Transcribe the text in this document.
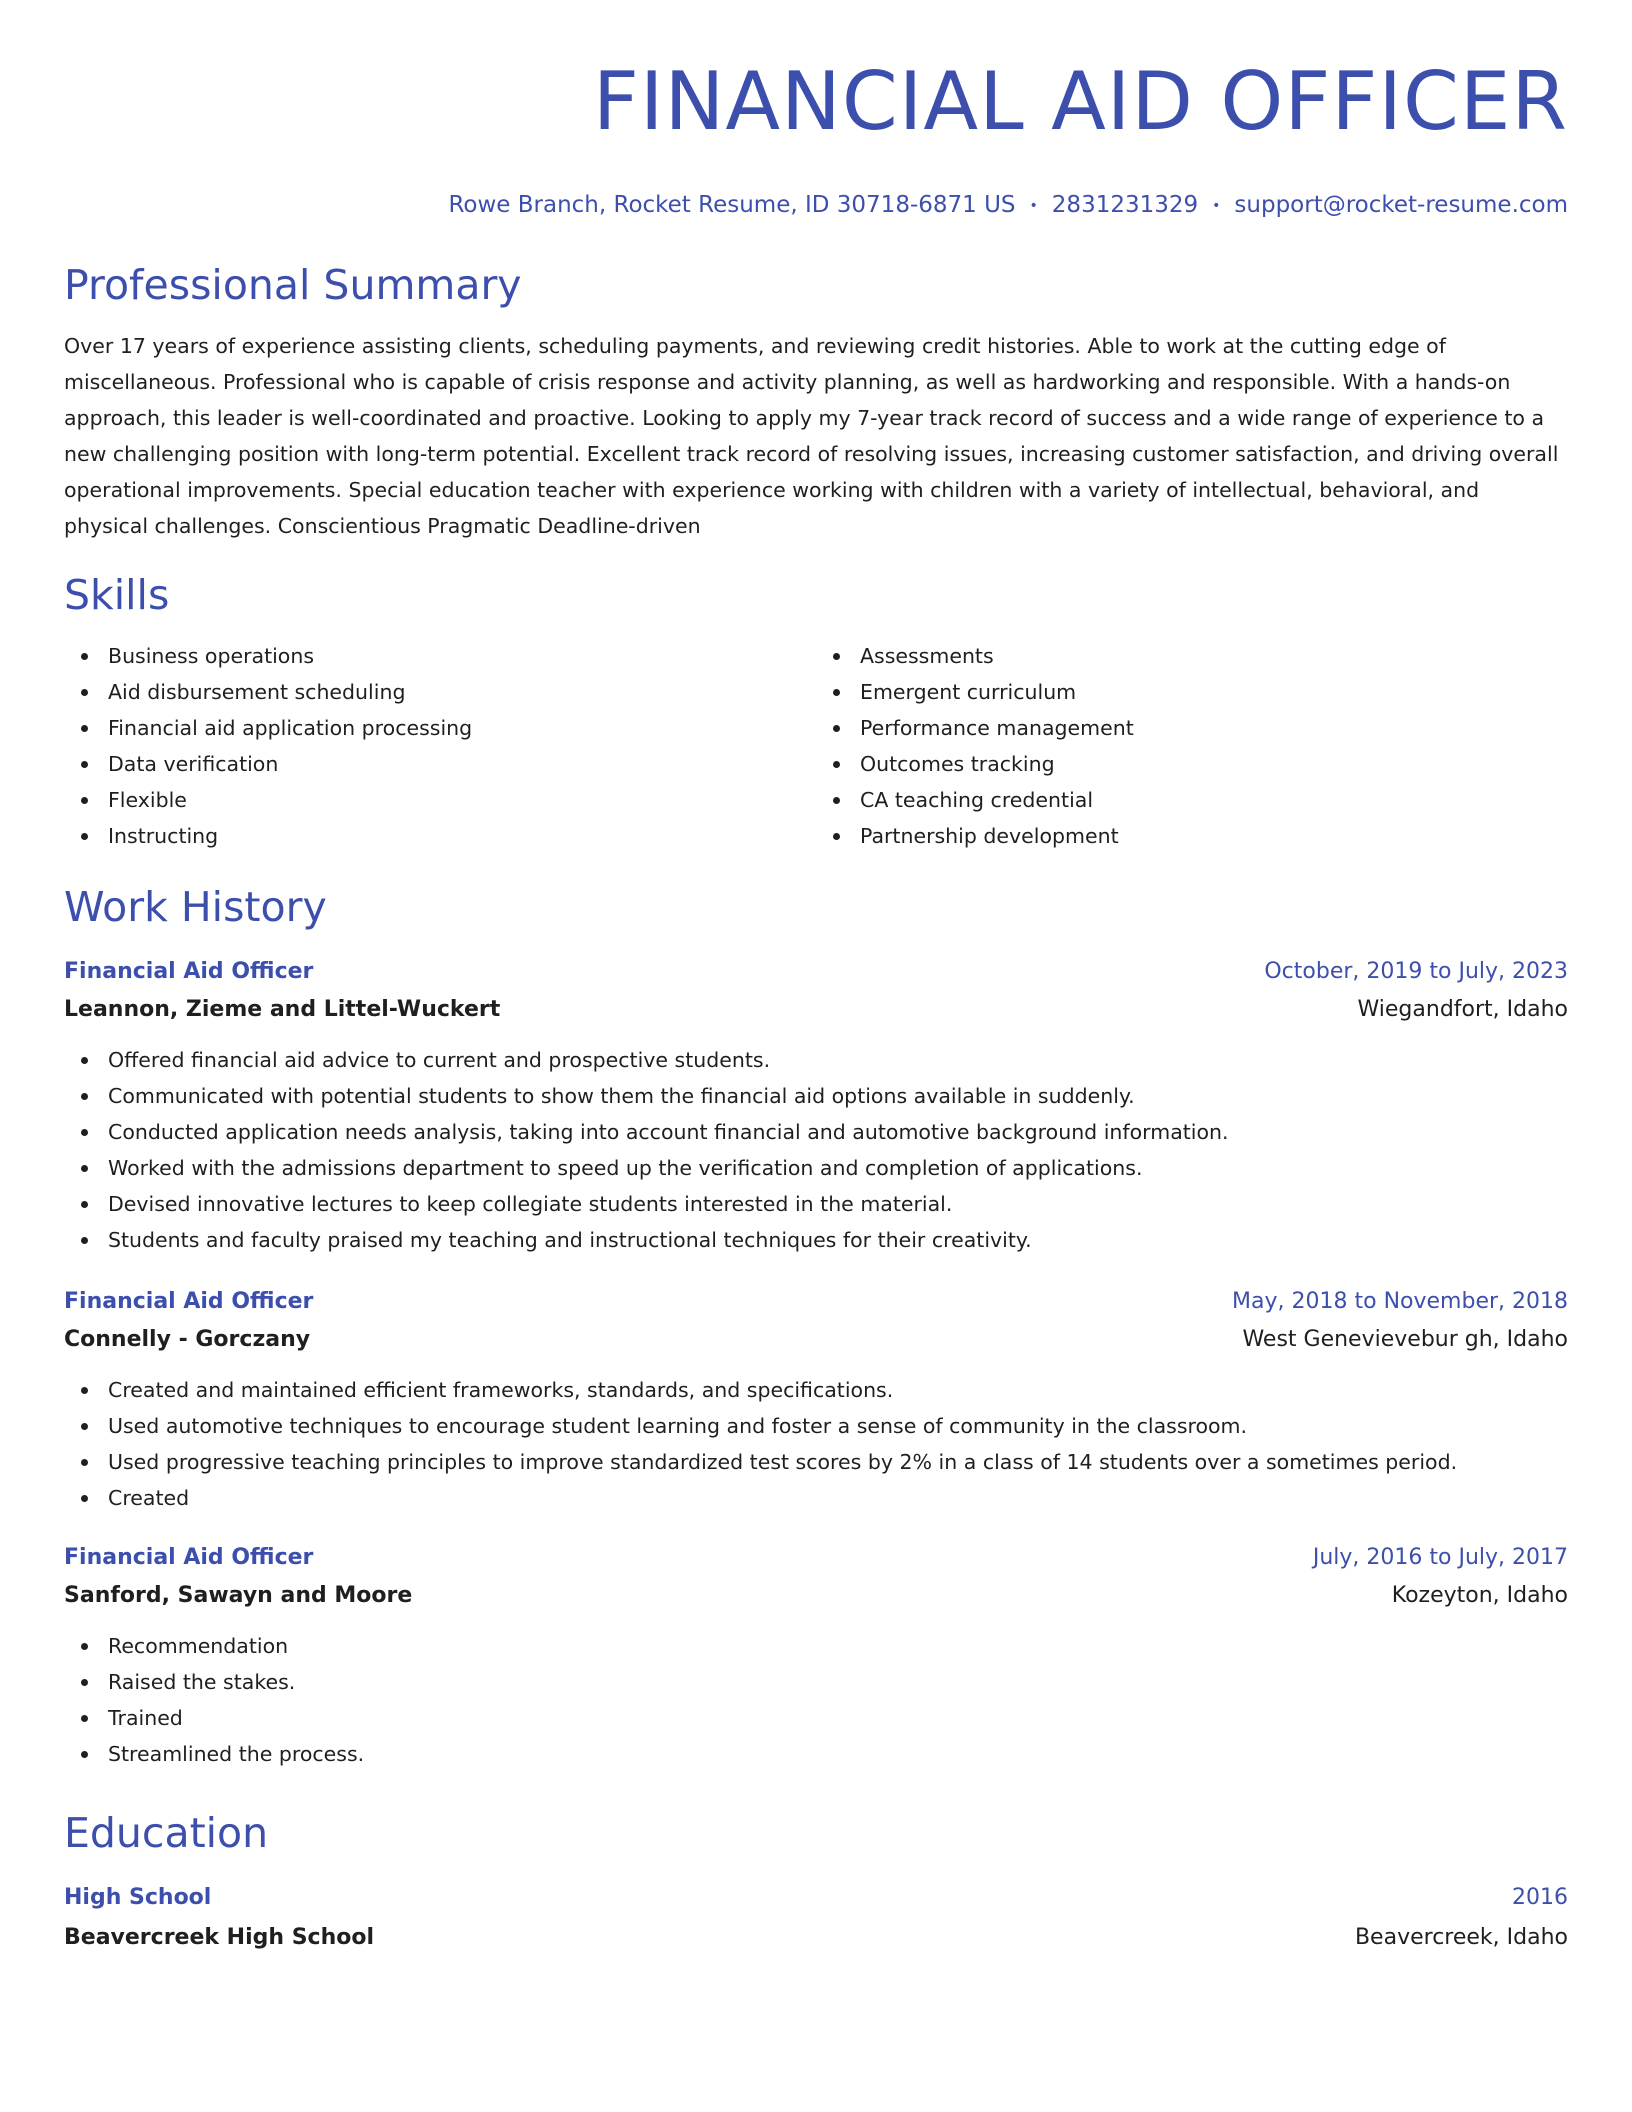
FINANCIAL AID OFFICER
Rowe Branch, Rocket Resume, ID 30718-6871 US • 2831231329 • support@rocket-resume.com
Professional Summary
Over 17 years of experience assisting clients, scheduling payments, and reviewing credit histories. Able to work at the cutting edge of miscellaneous. Professional who is capable of crisis response and activity planning, as well as hardworking and responsible. With a hands-on approach, this leader is well-coordinated and proactive. Looking to apply my 7-year track record of success and a wide range of experience to a new challenging position with long-term potential. Excellent track record of resolving issues, increasing customer satisfaction, and driving overall operational improvements. Special education teacher with experience working with children with a variety of intellectual, behavioral, and physical challenges. Conscientious Pragmatic Deadline-driven
Skills
Business operations
Aid disbursement scheduling
Financial aid application processing
Data verification
Flexible
Instructing
Assessments
Emergent curriculum
Performance management
Outcomes tracking
CA teaching credential
Partnership development
Work History
Financial Aid Officer	October, 2019 to July, 2023
Leannon, Zieme and Littel-Wuckert	Wiegandfort, Idaho
Offered financial aid advice to current and prospective students.
Communicated with potential students to show them the financial aid options available in suddenly.
Conducted application needs analysis, taking into account financial and automotive background information.
Worked with the admissions department to speed up the verification and completion of applications.
Devised innovative lectures to keep collegiate students interested in the material.
Students and faculty praised my teaching and instructional techniques for their creativity.
Financial Aid Officer	May, 2018 to November, 2018
Connelly - Gorczany	West Genevievebur gh, Idaho
Created and maintained efficient frameworks, standards, and specifications.
Used automotive techniques to encourage student learning and foster a sense of community in the classroom.
Used progressive teaching principles to improve standardized test scores by 2% in a class of 14 students over a sometimes period.
Created
Financial Aid Officer	July, 2016 to July, 2017
Sanford, Sawayn and Moore	Kozeyton, Idaho
Recommendation
Raised the stakes.
Trained
Streamlined the process.
Education
High School	2016
Beavercreek High School	Beavercreek, Idaho
